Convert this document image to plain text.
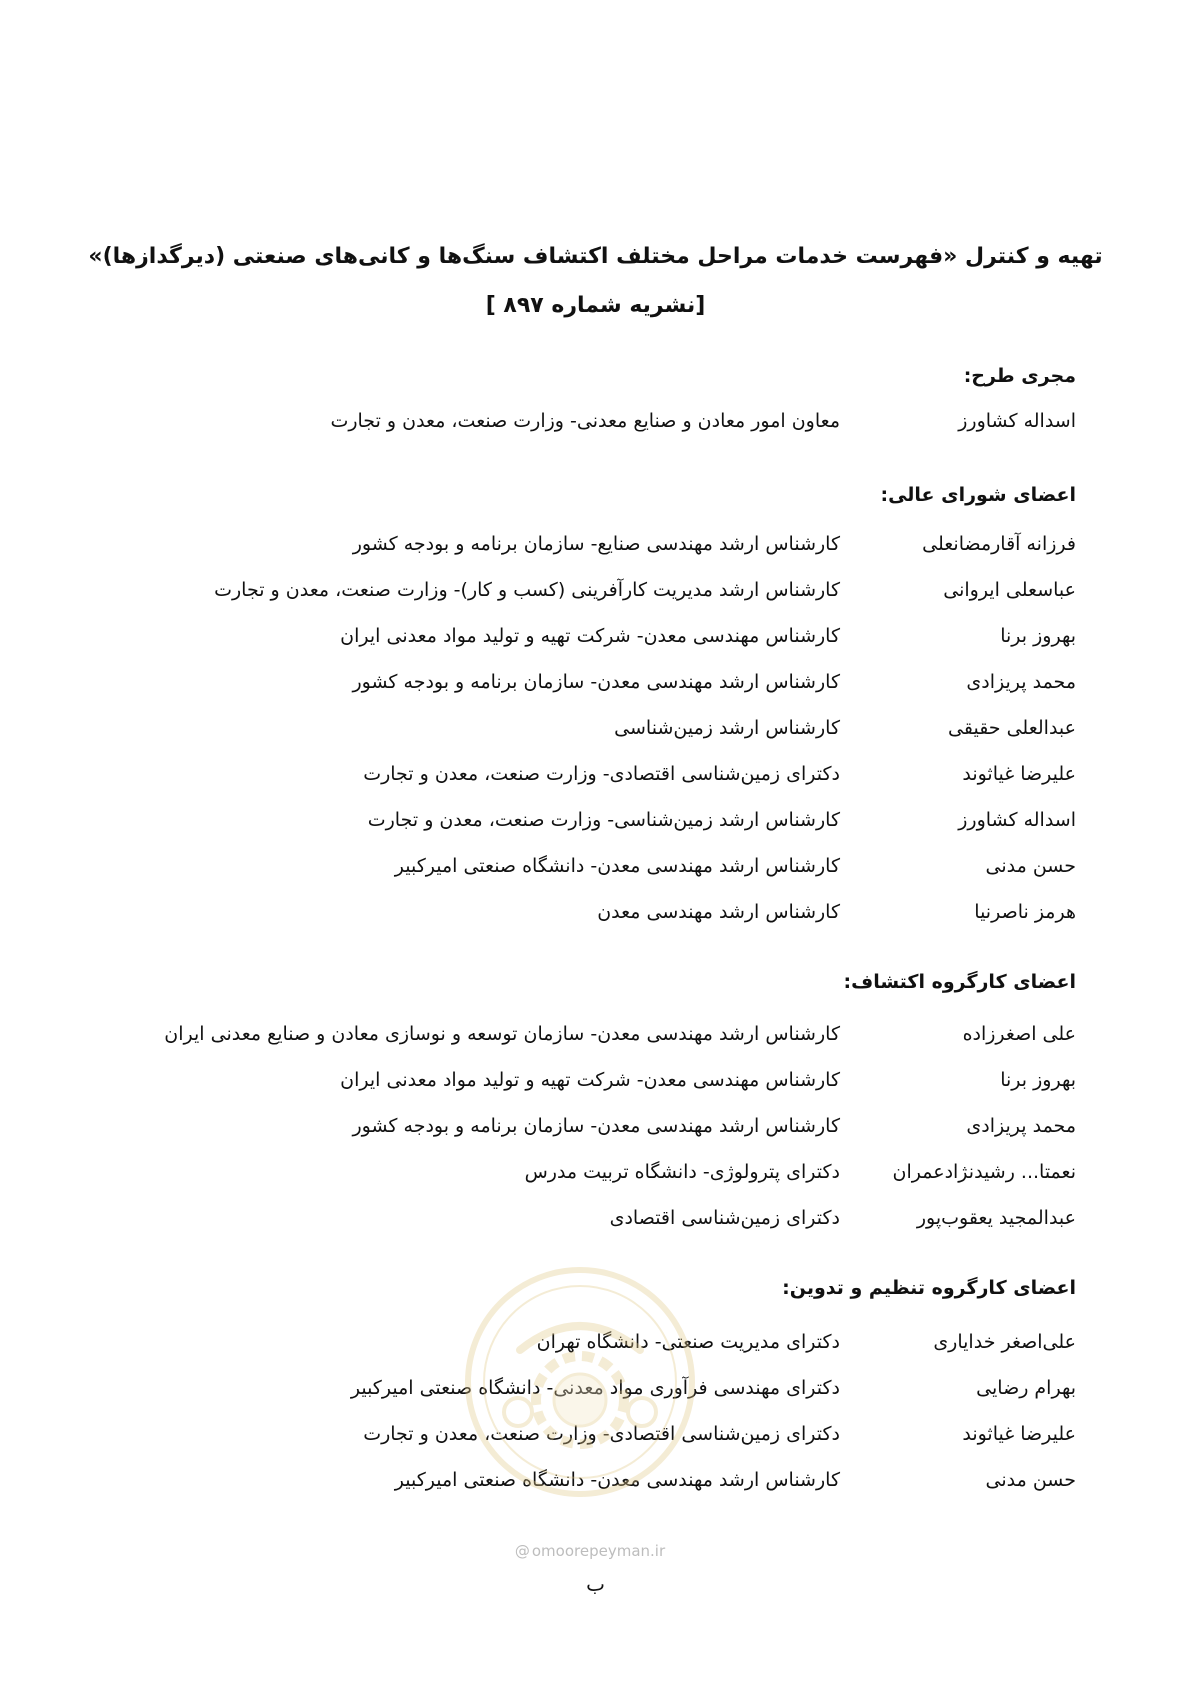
تهیه و کنترل «فهرست خدمات مراحل مختلف اکتشاف سنگ‌ها و کانی‌های صنعتی (دیرگدازها)»
[نشریه شماره ۸۹۷ ]
مجری طرح:
اسداله کشاورز
معاون امور معادن و صنایع معدنی- وزارت صنعت، معدن و تجارت
اعضای شورای عالی:
فرزانه آقارمضانعلی
کارشناس ارشد مهندسی صنایع- سازمان برنامه و بودجه کشور
عباسعلی ایروانی
کارشناس ارشد مدیریت کارآفرینی (کسب و کار)- وزارت صنعت، معدن و تجارت
بهروز برنا
کارشناس مهندسی معدن- شرکت تهیه و تولید مواد معدنی ایران
محمد پریزادی
کارشناس ارشد مهندسی معدن- سازمان برنامه و بودجه کشور
عبدالعلی حقیقی
کارشناس ارشد زمین‌شناسی
علیرضا غیاثوند
دکترای زمین‌شناسی اقتصادی- وزارت صنعت، معدن و تجارت
اسداله کشاورز
کارشناس ارشد زمین‌شناسی- وزارت صنعت، معدن و تجارت
حسن مدنی
کارشناس ارشد مهندسی معدن- دانشگاه صنعتی امیرکبیر
هرمز ناصرنیا
کارشناس ارشد مهندسی معدن
اعضای کارگروه اکتشاف:
علی اصغرزاده
کارشناس ارشد مهندسی معدن- سازمان توسعه و نوسازی معادن و صنایع معدنی ایران
بهروز برنا
کارشناس مهندسی معدن- شرکت تهیه و تولید مواد معدنی ایران
محمد پریزادی
کارشناس ارشد مهندسی معدن- سازمان برنامه و بودجه کشور
نعمتا... رشیدنژادعمران
دکترای پترولوژی- دانشگاه تربیت مدرس
عبدالمجید یعقوب‌پور
دکترای زمین‌شناسی اقتصادی
اعضای کارگروه تنظیم و تدوین:
علی‌اصغر خدایاری
دکترای مدیریت صنعتی- دانشگاه تهران
بهرام رضایی
دکترای مهندسی فرآوری مواد معدنی- دانشگاه صنعتی امیرکبیر
علیرضا غیاثوند
دکترای زمین‌شناسی اقتصادی- وزارت صنعت، معدن و تجارت
حسن مدنی
کارشناس ارشد مهندسی معدن- دانشگاه صنعتی امیرکبیر
@ omoorepeyman.ir
ب
